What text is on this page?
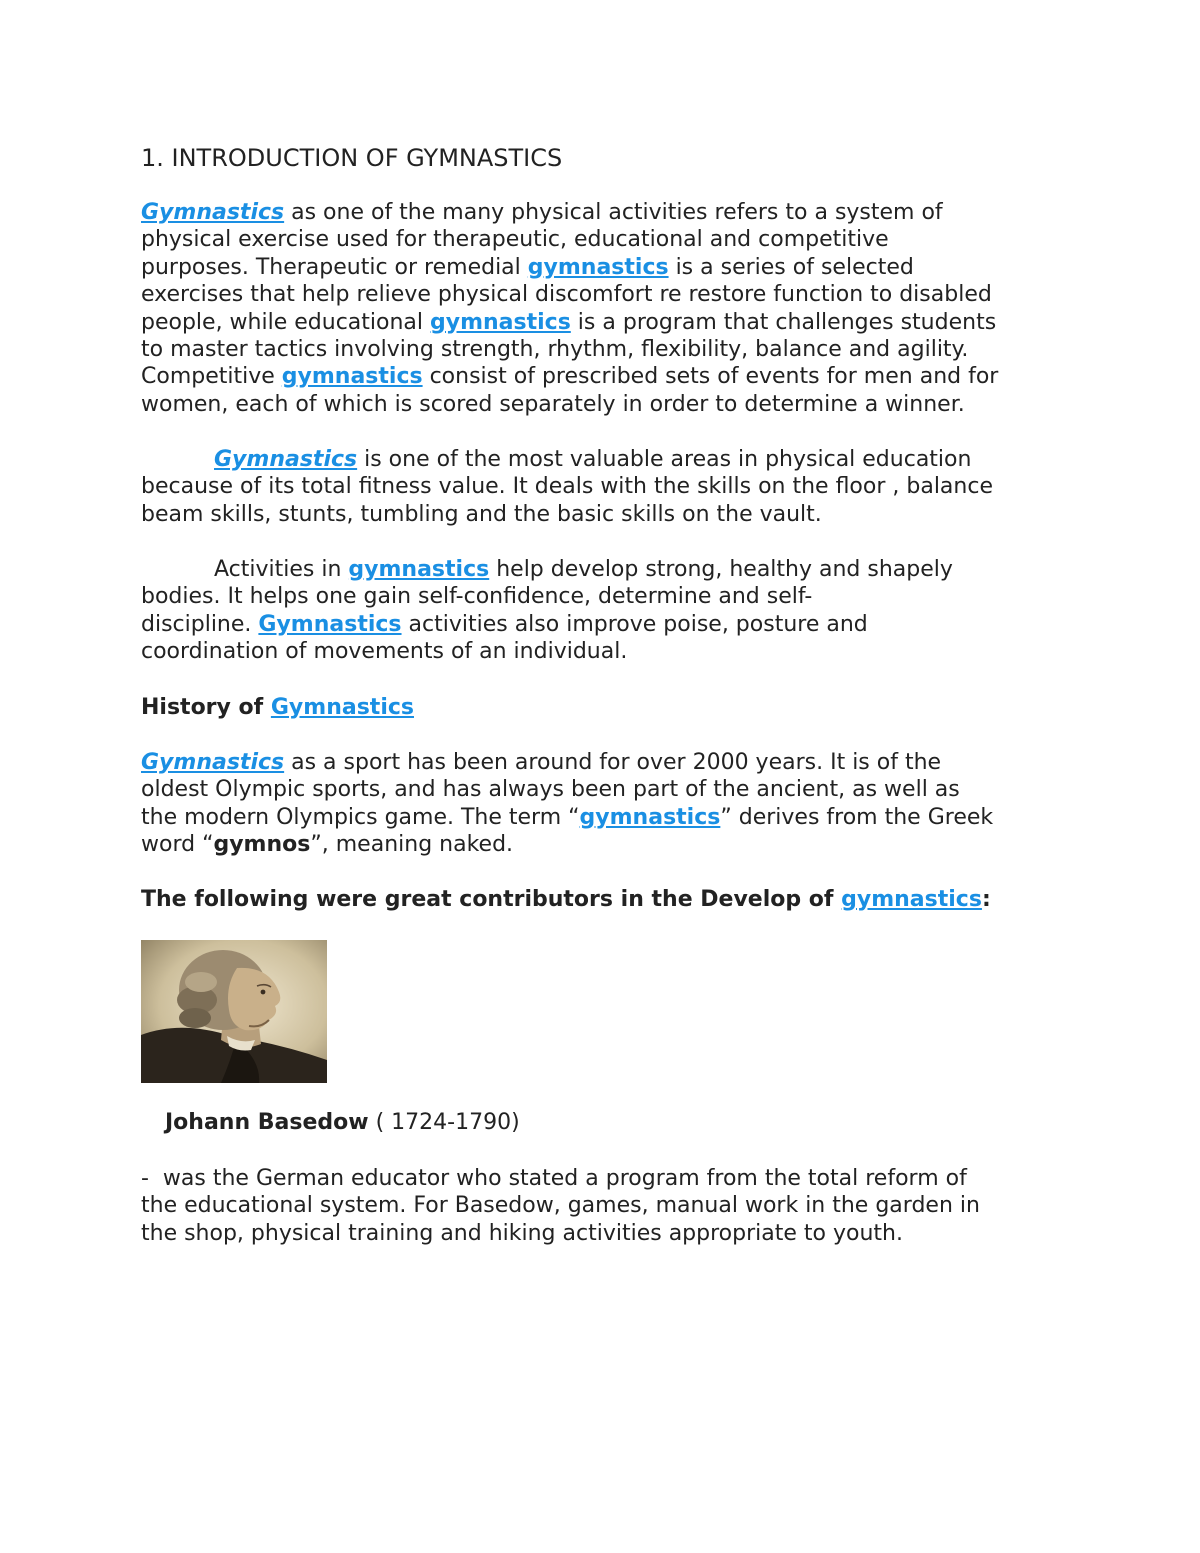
1. INTRODUCTION OF GYMNASTICS

Gymnastics as one of the many physical activities refers to a system of
physical exercise used for therapeutic, educational and competitive
purposes. Therapeutic or remedial gymnastics is a series of selected
exercises that help relieve physical discomfort re restore function to disabled
people, while educational gymnastics is a program that challenges students
to master tactics involving strength, rhythm, flexibility, balance and agility.
Competitive gymnastics consist of prescribed sets of events for men and for
women, each of which is scored separately in order to determine a winner.

Gymnastics is one of the most valuable areas in physical education
because of its total fitness value. It deals with the skills on the floor , balance
beam skills, stunts, tumbling and the basic skills on the vault.

Activities in gymnastics help develop strong, healthy and shapely
bodies. It helps one gain self-confidence, determine and self-
discipline. Gymnastics activities also improve poise, posture and
coordination of movements of an individual.

History of Gymnastics

Gymnastics as a sport has been around for over 2000 years. It is of the
oldest Olympic sports, and has always been part of the ancient, as well as
the modern Olympics game. The term “gymnastics” derives from the Greek
word “gymnos”, meaning naked.

The following were great contributors in the Develop of gymnastics:

Johann Basedow ( 1724-1790)

-  was the German educator who stated a program from the total reform of
the educational system. For Basedow, games, manual work in the garden in
the shop, physical training and hiking activities appropriate to youth.
